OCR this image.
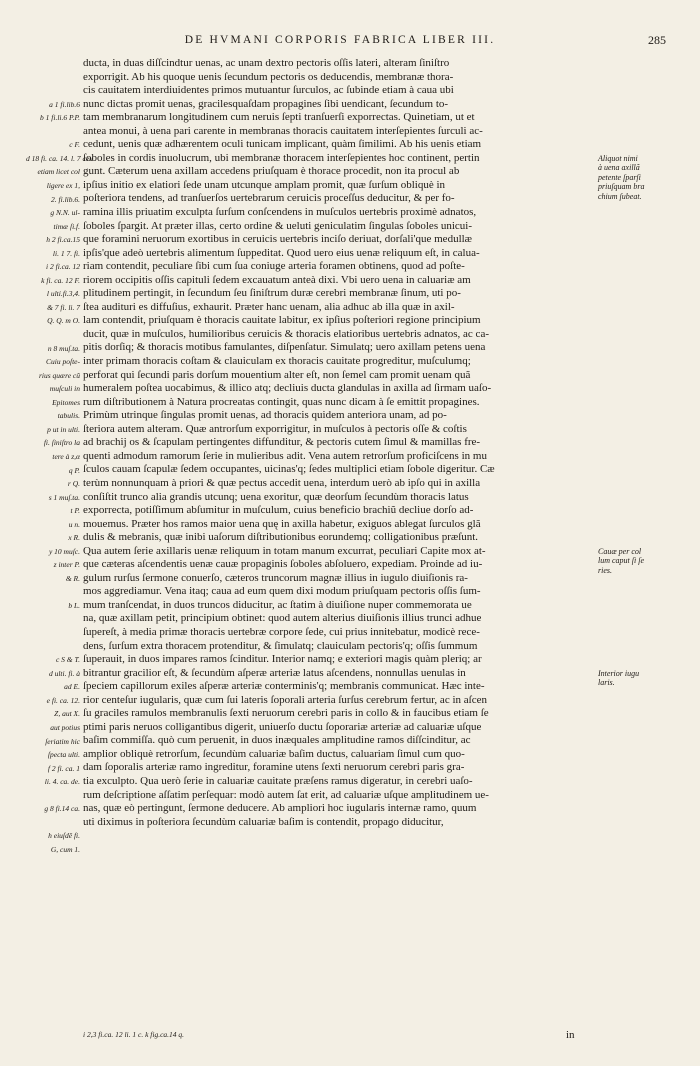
DE HVMANI CORPORIS FABRICA LIBER III.	285
a 1 fi.lib.6
b 1 fi.li.6 P.P.
c F.
d 18 fi. ca. 14. l. 7 ceu
etiam licet col
ligere ex 1,
2. fi.lib.6.
g N.N. ul-
timæ ſi.f.
h 2 fi.ca.15
li. 1 7. fi.
i 2 fi.ca. 12
k fi. ca. 12 F.
l ulti.fi.3,4.
& 7 fi. li. 7
Q. Q. m O.
n 8 muſ.ta.
Cuiu poſte-
rius quære cũ
muſculi in
Epitomes
tabulis.
p ut in ulti.
fi. ſiniſtro la
tere à z,α
q P.
r Q.
s 1 muſ.ta.
t P.
u n.
x R.
y 10 muſc.
z inter P.
& R.
b L.
c S & T.
d ulti. fi. à
ad E.
e fi. ca. 12.
Z, aut X.
aut potius
ſeriatim hic
ſpecta ulti.
f 2 fi. ca. 1
li. 4. ca. de.
g 8 fi.14 ca.
h eiuſdẽ fi.
G, cum 1.
ducta, in duas diſſcindtur uenas, ac unam dextro pectoris oſſis lateri, alteram ſiniſtro
exporrigit. Ab his quoque uenis ſecundum pectoris os deducendis, membranæ thora-
cis cauitatem interdiuidentes primos mutuantur ſurculos, ac ſubinde etiam à caua ubi
nunc dictas promit uenas, gracilesquaſdam propagines ſibi uendicant, ſecundum to-
tam membranarum longitudinem cum neruis ſepti tranſuerſi exporrectas. Quinetiam, ut et
antea monui, à uena pari carente in membranas thoracis cauitatem interſepientes ſurculi ac-
cedunt, uenis quæ adhærentem oculi tunicam implicant, quàm ſimilimi. Ab his uenis etiam
ſoboles in cordis inuolucrum, ubi membranæ thoracem interſepientes hoc continent, pertin
gunt. Cæterum uena axillam accedens priuſquam è thorace procedit, non ita procul ab
ipſius initio ex elatiori ſede unam utcunque amplam promit, quæ ſurſum obliquè in
poſteriora tendens, ad tranſuerſos uertebrarum ceruicis proceſſus deducitur, & per fo-
ramina illis priuatim exculpta ſurſum conſcendens in muſculos uertebris proximè adnatos,
ſoboles ſpargit. At præter illas, certo ordine & ueluti geniculatim ſingulas ſoboles unicui-
que foramini neruorum exortibus in ceruicis uertebris inciſo deriuat, dorſali'que medullæ
ipſis'que adeò uertebris alimentum ſuppeditat. Quod uero eius uenæ reliquum eſt, in calua-
riam contendit, peculiare ſibi cum ſua coniuge arteria foramen obtinens, quod ad poſte-
riorem occipitis oſſis capituli ſedem excauatum anteà dixi. Vbi uero uena in caluariæ am
plitudinem pertingit, in ſecundum ſeu ſiniſtrum duræ cerebri membranæ ſinum, uti po-
ſtea audituri es diffuſius, exhaurit. Præter hanc uenam, alia adhuc ab illa quæ in axil-
lam contendit, priuſquam è thoracis cauitate labitur, ex ipſius poſteriori regione principium
ducit, quæ in muſculos, humilioribus ceruicis & thoracis elatioribus uertebris adnatos, ac ca-
pitis dorſiq; & thoracis motibus famulantes, diſpenſatur. Simulatq; uero axillam petens uena
inter primam thoracis coſtam & clauiculam ex thoracis cauitate progreditur, muſculumq;
perforat qui ſecundi paris dorſum mouentium alter eſt, non ſemel cam promit uenam quã
humeralem poſtea uocabimus, & illico atq; decliuis ducta glandulas in axilla ad ſirmam uaſo-
rum diſtributionem à Natura procreatas contingit, quas nunc dicam à ſe emittit propagines.
Primùm utrinque ſingulas promit uenas, ad thoracis quidem anteriora unam, ad po-
ſteriora autem alteram. Quæ antrorſum exporrigitur, in muſculos à pectoris oſſe & coſtis
ad brachij os & ſcapulam pertingentes diffunditur, & pectoris cutem ſimul & mamillas fre-
quenti admodum ramorum ſerie in mulieribus adit. Vena autem retrorſum proficiſcens in mu
ſculos cauam ſcapulæ ſedem occupantes, uicinas'q; ſedes multiplici etiam ſobole digeritur. Cæ
terùm nonnunquam à priori & quæ pectus accedit uena, interdum uerò ab ipſo qui in axilla
conſiſtit trunco alia grandis utcunq; uena exoritur, quæ deorſum ſecundùm thoracis latus
exporrecta, potiſſimum abſumitur in muſculum, cuius beneficio brachiũ decliue dorſo ad-
mouemus. Præter hos ramos maior uena quę in axilla habetur, exiguos ablegat ſurculos glã
dulis & mebranis, quæ inibi uaſorum diſtributionibus eorundemq; colligationibus præſunt.
Qua autem ſerie axillaris uenæ reliquum in totam manum excurrat, peculiari Capite mox at-
que cæteras aſcendentis uenæ cauæ propaginis ſoboles abſoluero, expediam. Proinde ad iu-
gulum rurſus ſermone conuerſo, cæteros truncorum magnæ illius in iugulo diuiſionis ra-
mos aggrediamur. Vena itaq; caua ad eum quem dixi modum priuſquam pectoris oſſis ſum-
mum tranſcendat, in duos truncos diducitur, ac ſtatim à diuiſione nuper commemorata ue
na, quæ axillam petit, principium obtinet: quod autem alterius diuiſionis illius trunci adhue
ſupereſt, à media primæ thoracis uertebræ corpore ſede, cui prius innitebatur, modicè rece-
dens, ſurſum extra thoracem protenditur, & ſimulatq; clauiculam pectoris'q; oſſis ſummum
ſuperauit, in duos impares ramos ſcinditur. Interior namq; e exteriori magis quàm pleriq; ar
bitrantur gracilior eſt, & ſecundùm aſperæ arteriæ latus aſcendens, nonnullas uenulas in
ſpeciem capillorum exiles aſperæ arteriæ conterminis'q; membranis communicat. Hæc inte-
rior centeſur iugularis, quæ cum ſui lateris ſoporali arteria ſurſus cerebrum fertur, ac in aſcen
ſu graciles ramulos membranulis ſexti neruorum cerebri paris in collo & in faucibus etiam ſe
ptimi paris neruos colligantibus digerit, uniuerſo ductu ſoporariæ arteriæ ad caluariæ uſque
baſim commiſſa. quò cum peruenit, in duos inæquales amplitudine ramos diſſcinditur, ac
amplior obliquè retrorſum, ſecundùm caluariæ baſim ductus, caluariam ſimul cum quo-
dam ſoporalis arteriæ ramo ingreditur, foramine utens ſexti neruorum cerebri paris gra-
tia exculpto. Qua uerò ſerie in caluariæ cauitate præſens ramus digeratur, in cerebri uaſo-
rum deſcriptione aſſatim perſequar: modò autem ſat erit, ad caluariæ uſque amplitudinem ue-
nas, quæ eò pertingunt, ſermone deducere. Ab ampliori hoc iugularis internæ ramo, quum
uti diximus in poſteriora ſecundùm caluariæ baſim is contendit, propago diducitur,
Aliquot nimi
à uena axillã
petente ſparſi
priuſquam bra
chium ſubeat.
Cauæ per col
lum caput ſi ſe
ries.
Interior iugu
laris.
i 2,3 fi.ca. 12 li. 1 c. k fig.ca.14 q.	in
